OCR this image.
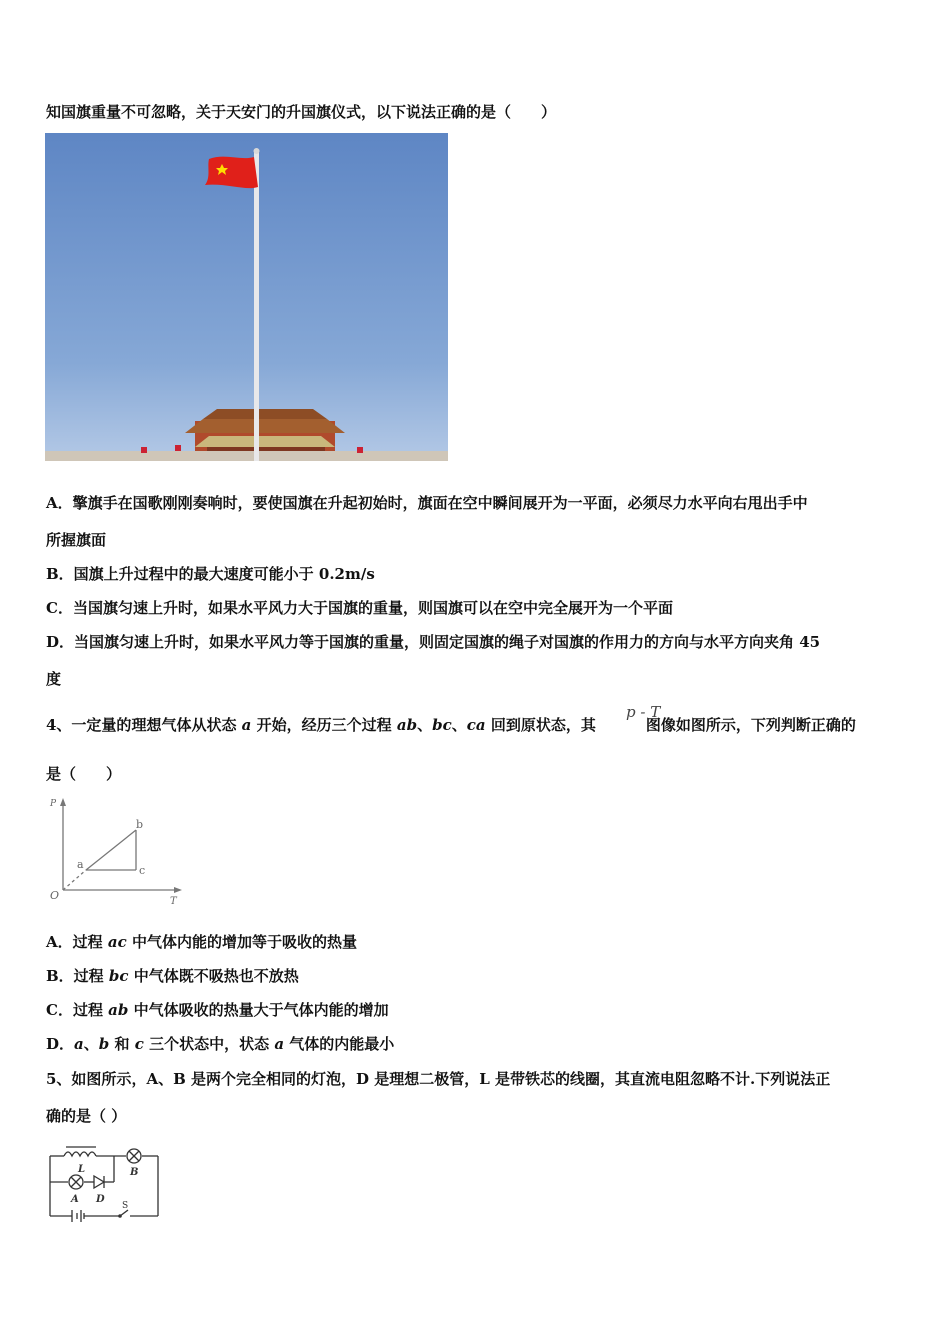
知国旗重量不可忽略，关于天安门的升国旗仪式，以下说法正确的是（　　）
A．擎旗手在国歌刚刚奏响时，要使国旗在升起初始时，旗面在空中瞬间展开为一平面，必须尽力水平向右甩出手中
所握旗面
B．国旗上升过程中的最大速度可能小于 0.2m/s
C．当国旗匀速上升时，如果水平风力大于国旗的重量，则国旗可以在空中完全展开为一个平面
D．当国旗匀速上升时，如果水平风力等于国旗的重量，则固定国旗的绳子对国旗的作用力的方向与水平方向夹角 45
度
4、一定量的理想气体从状态 a 开始，经历三个过程 ab、bc、ca 回到原状态，其	图像如图所示，下列判断正确的
p - T
是（　　）
P
T
O
a
b
c
A．过程 ac 中气体内能的增加等于吸收的热量
B．过程 bc 中气体既不吸热也不放热
C．过程 ab 中气体吸收的热量大于气体内能的增加
D．a、b 和 c 三个状态中，状态 a 气体的内能最小
5、如图所示，A、B 是两个完全相同的灯泡，D 是理想二极管，L 是带铁芯的线圈，其直流电阻忽略不计.下列说法正
确的是（ ）
L
A D
B
S
